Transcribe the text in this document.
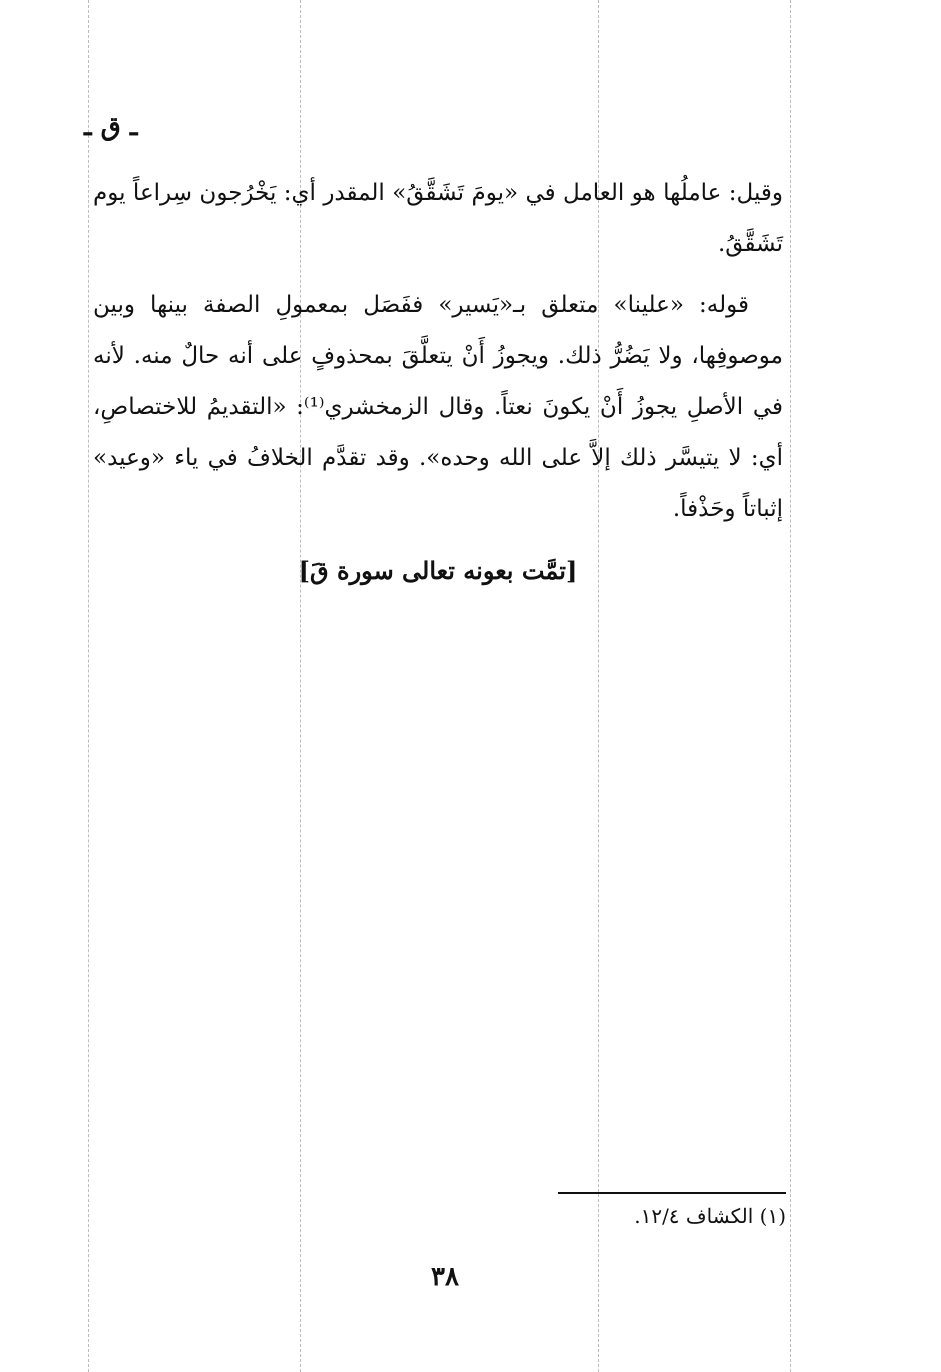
ـ ق ـ

وقيل: عاملُها هو العامل في «يومَ تَشَقَّقُ» المقدر أي: يَخْرُجون سِراعاً يوم تَشَقَّقُ.

قوله: «علينا» متعلق بـ«يَسير» ففَصَل بمعمولِ الصفة بينها وبين موصوفِها، ولا يَضُرُّ ذلك. ويجوزُ أَنْ يتعلَّقَ بمحذوفٍ على أنه حالٌ منه. لأنه في الأصلِ يجوزُ أَنْ يكونَ نعتاً. وقال الزمخشري⁽¹⁾: «التقديمُ للاختصاصِ، أي: لا يتيسَّر ذلك إلاَّ على الله وحده». وقد تقدَّم الخلافُ في ياء «وعيد» إثباتاً وحَذْفاً.

[تمَّت بعونه تعالى سورة قَ]

(١) الكشاف ١٢/٤.

٣٨
